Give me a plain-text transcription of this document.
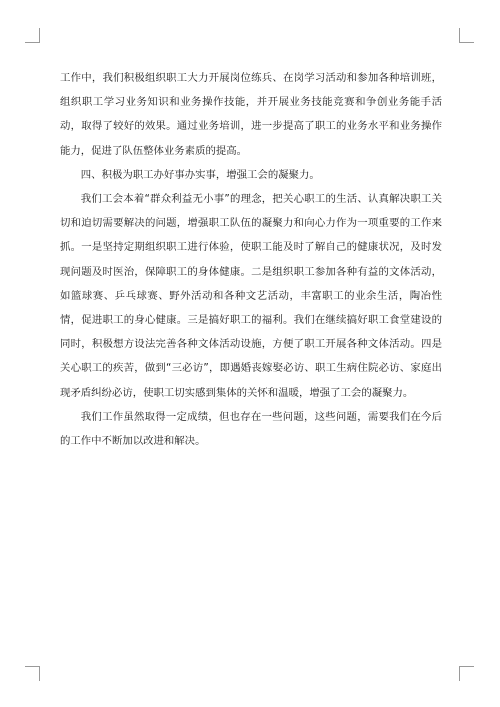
工作中，我们积极组织职工大力开展岗位练兵、在岗学习活动和参加各种培训班，组织职工学习业务知识和业务操作技能，并开展业务技能竞赛和争创业务能手活动，取得了较好的效果。通过业务培训，进一步提高了职工的业务水平和业务操作能力，促进了队伍整体业务素质的提高。

四、积极为职工办好事办实事，增强工会的凝聚力。

我们工会本着“群众利益无小事”的理念，把关心职工的生活、认真解决职工关切和迫切需要解决的问题，增强职工队伍的凝聚力和向心力作为一项重要的工作来抓。一是坚持定期组织职工进行体验，使职工能及时了解自己的健康状况，及时发现问题及时医治，保障职工的身体健康。二是组织职工参加各种有益的文体活动，如篮球赛、乒乓球赛、野外活动和各种文艺活动，丰富职工的业余生活，陶冶性情，促进职工的身心健康。三是搞好职工的福利。我们在继续搞好职工食堂建设的同时，积极想方设法完善各种文体活动设施，方便了职工开展各种文体活动。四是关心职工的疾苦，做到“三必访”，即遇婚丧嫁娶必访、职工生病住院必访、家庭出现矛盾纠纷必访，使职工切实感到集体的关怀和温暖，增强了工会的凝聚力。

我们工作虽然取得一定成绩，但也存在一些问题，这些问题，需要我们在今后的工作中不断加以改进和解决。
